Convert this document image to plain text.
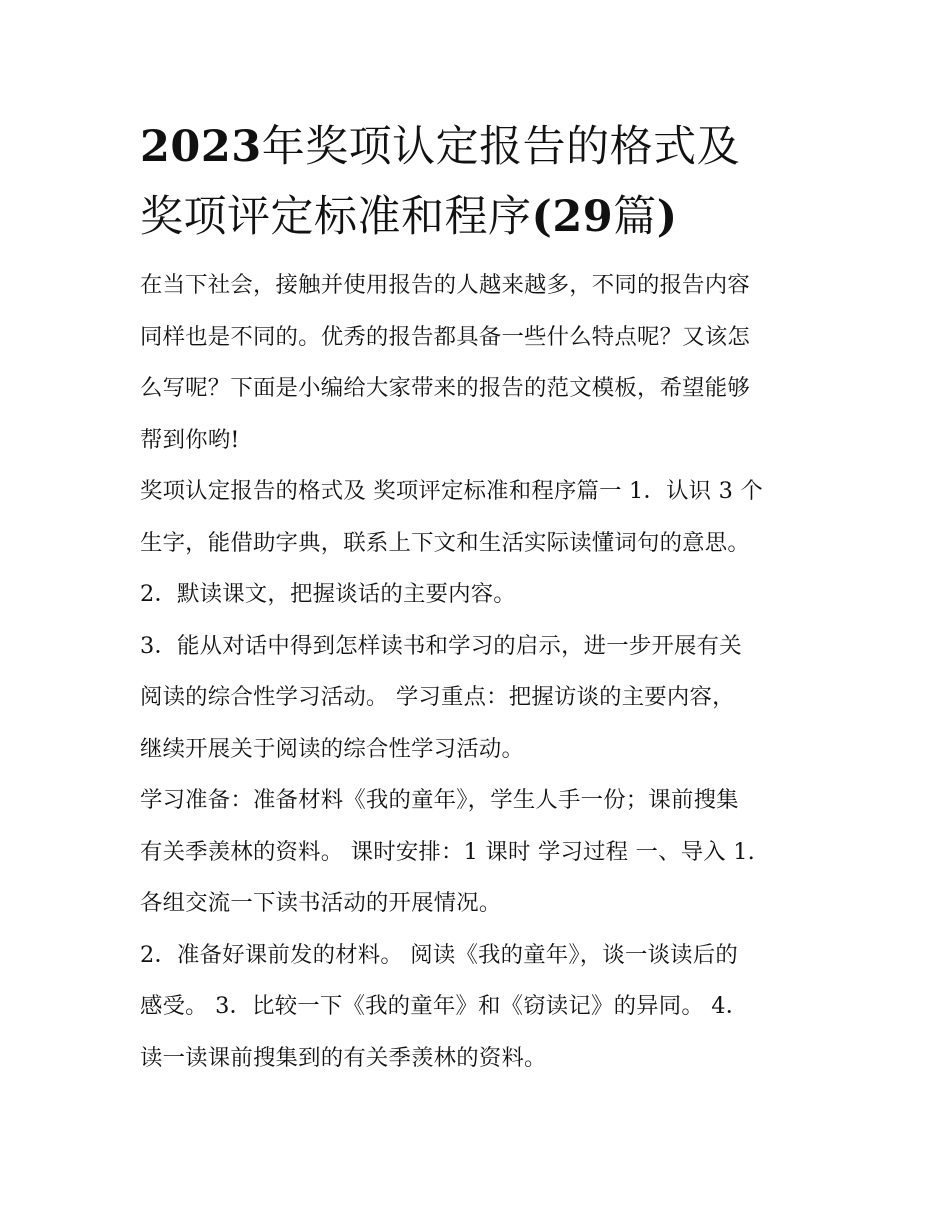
2023年奖项认定报告的格式及
奖项评定标准和程序(29篇)

在当下社会，接触并使用报告的人越来越多，不同的报告内容
同样也是不同的。优秀的报告都具备一些什么特点呢？又该怎
么写呢？下面是小编给大家带来的报告的范文模板，希望能够
帮到你哟!

奖项认定报告的格式及 奖项评定标准和程序篇一 1．认识 3 个
生字，能借助字典，联系上下文和生活实际读懂词句的意思。

2．默读课文，把握谈话的主要内容。

3．能从对话中得到怎样读书和学习的启示，进一步开展有关
阅读的综合性学习活动。 学习重点：把握访谈的主要内容，
继续开展关于阅读的综合性学习活动。

学习准备：准备材料《我的童年》，学生人手一份；课前搜集
有关季羡林的资料。 课时安排：1 课时 学习过程 一、导入 1.
各组交流一下读书活动的开展情况。

2．准备好课前发的材料。 阅读《我的童年》，谈一谈读后的
感受。 3．比较一下《我的童年》和《窃读记》的异同。 4．
读一读课前搜集到的有关季羡林的资料。
